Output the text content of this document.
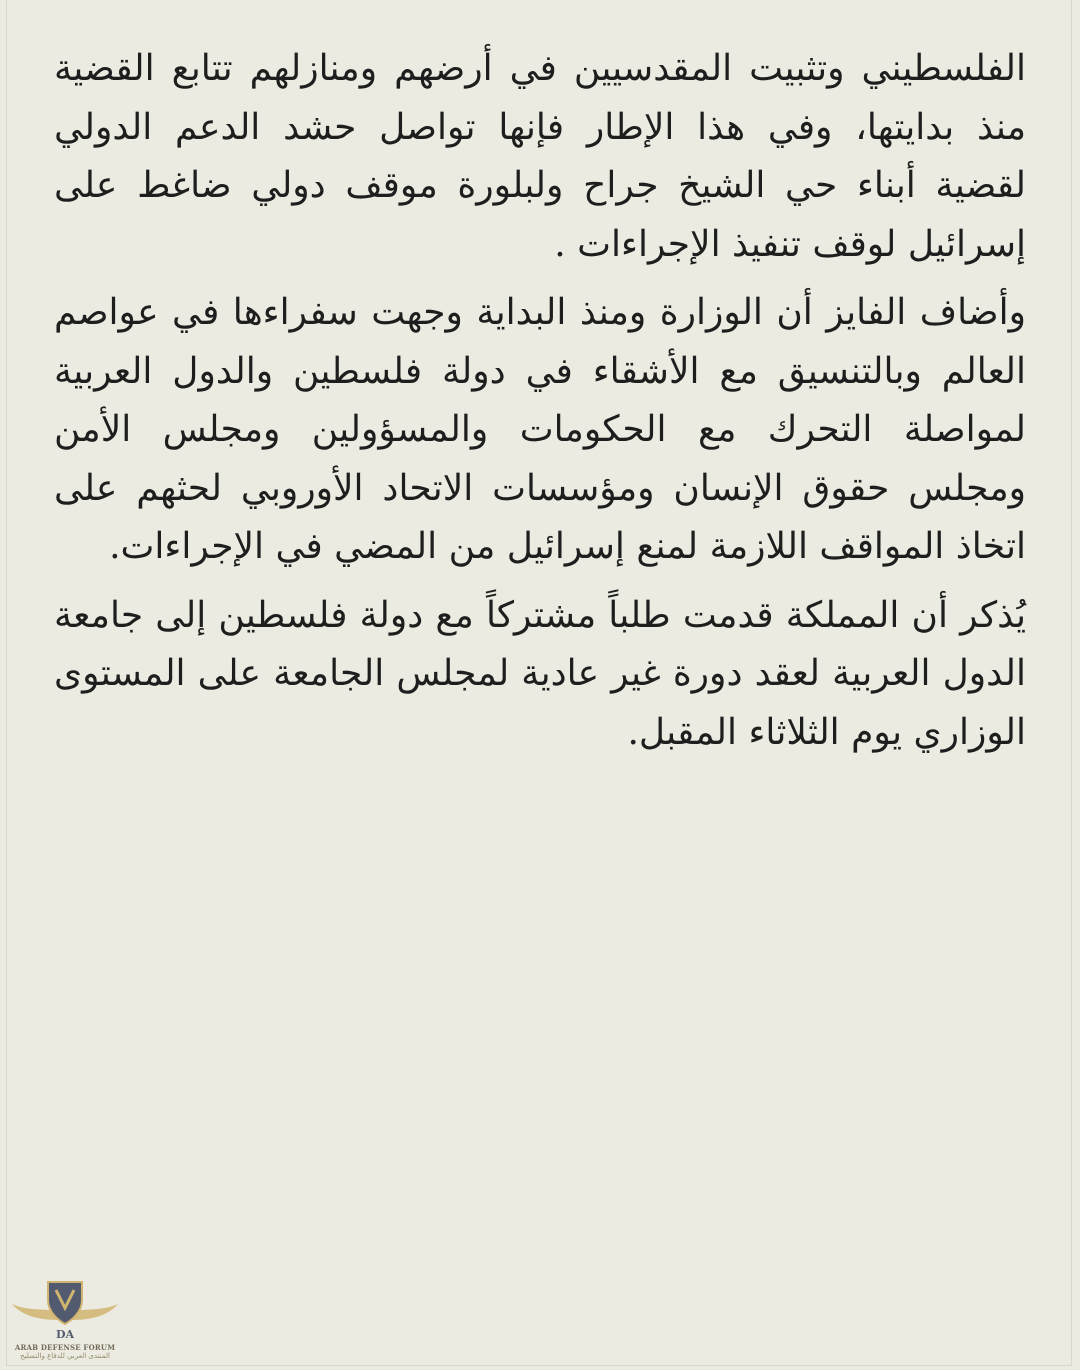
الفلسطيني وتثبيت المقدسيين في أرضهم ومنازلهم تتابع القضية منذ بدايتها، وفي هذا الإطار فإنها تواصل حشد الدعم الدولي لقضية أبناء حي الشيخ جراح ولبلورة موقف دولي ضاغط على إسرائيل لوقف تنفيذ الإجراءات .

وأضاف الفايز أن الوزارة ومنذ البداية وجهت سفراءها في عواصم العالم وبالتنسيق مع الأشقاء في دولة فلسطين والدول العربية لمواصلة التحرك مع الحكومات والمسؤولين ومجلس الأمن ومجلس حقوق الإنسان ومؤسسات الاتحاد الأوروبي لحثهم على اتخاذ المواقف اللازمة لمنع إسرائيل من المضي في الإجراءات.

يُذكر أن المملكة قدمت طلباً مشتركاً مع دولة فلسطين إلى جامعة الدول العربية لعقد دورة غير عادية لمجلس الجامعة على المستوى الوزاري يوم الثلاثاء المقبل.

DA
ARAB DEFENSE FORUM
المنتدى العربي للدفاع والتسليح
